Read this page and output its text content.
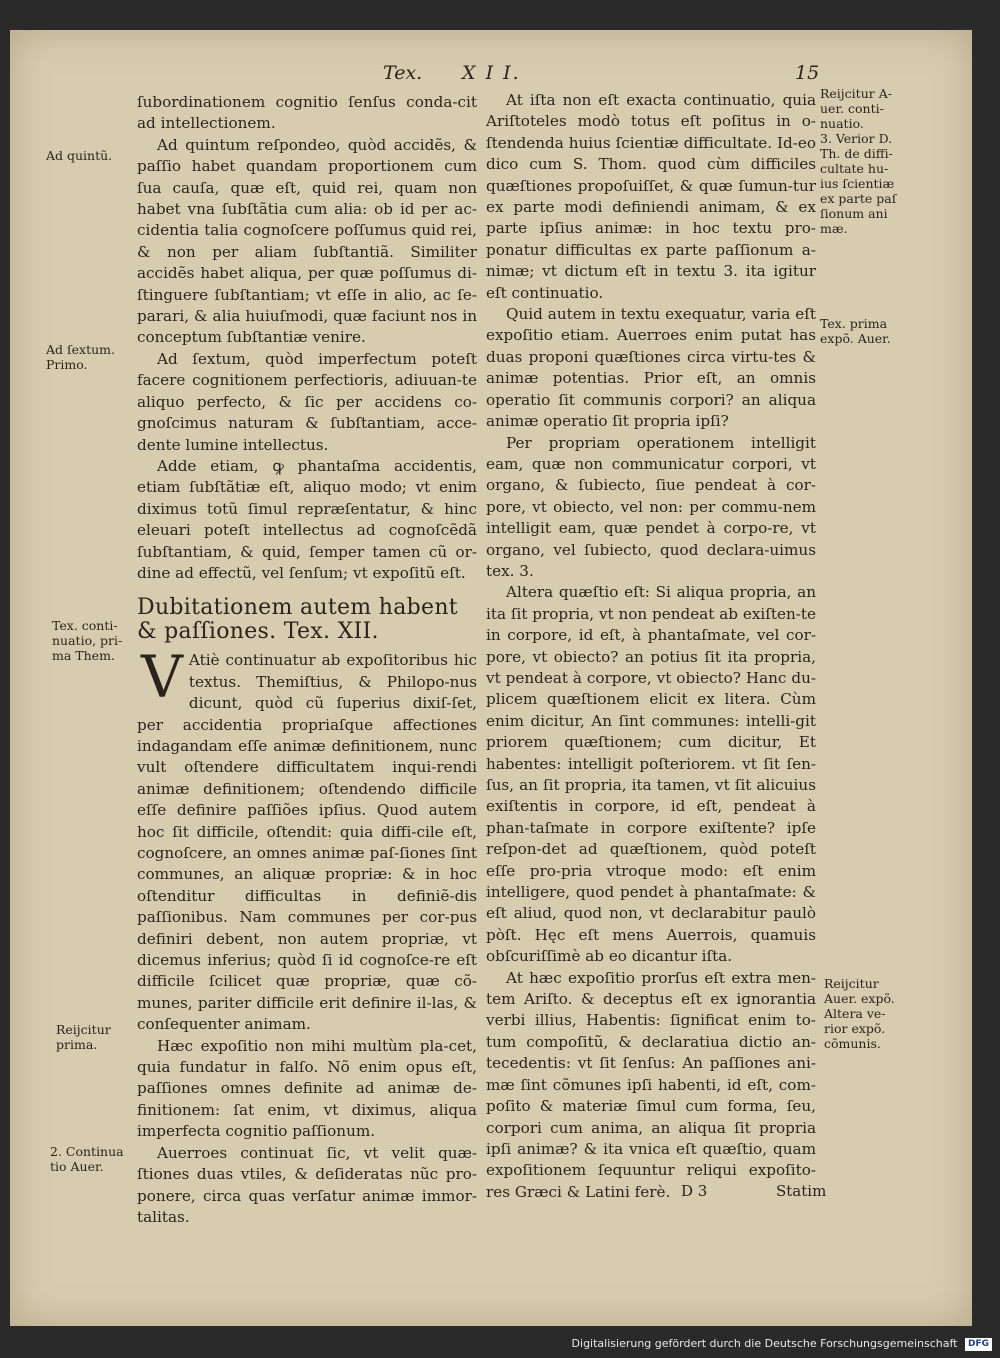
Tex. X I I.	15

ſubordinationem cognitio ſenſus conda-cit ad intellectionem.

Ad quintum reſpondeo, quòd accidẽs, & paſſio habet quandam proportionem cum ſua cauſa, quæ eſt, quid rei, quam non habet vna ſubſtãtia cum alia: ob id per ac-cidentia talia cognoſcere poſſumus quid rei, & non per aliam ſubſtantiã. Similiter accidẽs habet aliqua, per quæ poſſumus di-ſtinguere ſubſtantiam; vt eſſe in alio, ac ſe-parari, & alia huiuſmodi, quæ faciunt nos in conceptum ſubſtantiæ venire.

Ad ſextum, quòd imperfectum poteſt facere cognitionem perfectioris, adiuuan-te aliquo perfecto, & ſic per accidens co-gnoſcimus naturam & ſubſtantiam, acce-dente lumine intellectus.

Adde etiam, ꝙ phantaſma accidentis, etiam ſubſtãtiæ eſt, aliquo modo; vt enim diximus totũ ſimul repræſentatur, & hinc eleuari poteſt intellectus ad cognoſcẽdã ſubſtantiam, & quid, ſemper tamen cũ or-dine ad effectũ, vel ſenſum; vt expoſitũ eſt.

Dubitationem autem habent & paſſiones. Tex. XII.
V Atiè continuatur ab expoſitoribus hic textus. Themiſtius, & Philopo-nus dicunt, quòd cũ ſuperius dixiſ-ſet, per accidentia propriaſque affectiones indagandam eſſe animæ definitionem, nunc vult oſtendere difficultatem inqui-rendi animæ definitionem; oſtendendo difficile eſſe definire paſſiões ipſius. Quod autem hoc ſit difficile, oſtendit: quia diffi-cile eſt, cognoſcere, an omnes animæ paſ-ſiones ſint communes, an aliquæ propriæ: & in hoc oſtenditur difficultas in definiẽ-dis paſſionibus. Nam communes per cor-pus definiri debent, non autem propriæ, vt dicemus inferius; quòd ſi id cognoſce-re eſt difficile ſcilicet quæ propriæ, quæ cõ-munes, pariter difficile erit definire il-las, & conſequenter animam.

Hæc expoſitio non mihi multùm pla-cet, quia fundatur in falſo. Nõ enim opus eſt, paſſiones omnes definite ad animæ de-finitionem: ſat enim, vt diximus, aliqua imperfecta cognitio paſſionum.

Auerroes continuat ſic, vt velit quæ-ſtiones duas vtiles, & deſideratas nũc pro-ponere, circa quas verſatur animæ immor-talitas.

At iſta non eſt exacta continuatio, quia Ariſtoteles modò totus eſt poſitus in o-ſtendenda huius ſcientiæ difficultate. Id-eo dico cum S. Thom. quod cùm difficiles quæſtiones propoſuiſſet, & quæ ſumun-tur ex parte modi definiendi animam, & ex parte ipſius animæ: in hoc textu pro-ponatur difficultas ex parte paſſionum a-nimæ; vt dictum eſt in textu 3. ita igitur eſt continuatio.

Quid autem in textu exequatur, varia eſt expoſitio etiam. Auerroes enim putat has duas proponi quæſtiones circa virtu-tes & animæ potentias. Prior eſt, an omnis operatio ſit communis corpori? an aliqua animæ operatio ſit propria ipſi?

Per propriam operationem intelligit eam, quæ non communicatur corpori, vt organo, & ſubiecto, ſiue pendeat à cor-pore, vt obiecto, vel non: per commu-nem intelligit eam, quæ pendet à corpo-re, vt organo, vel ſubiecto, quod declara-uimus tex. 3.

Altera quæſtio eſt: Si aliqua propria, an ita ſit propria, vt non pendeat ab exiſten-te in corpore, id eſt, à phantaſmate, vel cor-pore, vt obiecto? an potius ſit ita propria, vt pendeat à corpore, vt obiecto? Hanc du-plicem quæſtionem elicit ex litera. Cùm enim dicitur, An ſint communes: intelli-git priorem quæſtionem; cum dicitur, Et habentes: intelligit poſteriorem. vt ſit ſen-ſus, an ſit propria, ita tamen, vt ſit alicuius exiſtentis in corpore, id eſt, pendeat à phan-taſmate in corpore exiſtente? ipſe reſpon-det ad quæſtionem, quòd poteſt eſſe pro-pria vtroque modo: eſt enim intelligere, quod pendet à phantaſmate: & eſt aliud, quod non, vt declarabitur paulò pòſt. Hęc eſt mens Auerrois, quamuis obſcuriſſimè ab eo dicantur iſta.

At hæc expoſitio prorſus eſt extra men-tem Ariſto. & deceptus eſt ex ignorantia verbi illius, Habentis: ſignificat enim to-tum compoſitũ, & declaratiua dictio an-tecedentis: vt ſit ſenſus: An paſſiones ani-mæ ſint cõmunes ipſi habenti, id eſt, com-poſito & materiæ ſimul cum forma, ſeu, corpori cum anima, an aliqua ſit propria ipſi animæ? & ita vnica eſt quæſtio, quam expoſitionem ſequuntur reliqui expoſito-res Græci & Latini ferè. D 3	Statim
Ad quintũ.
Ad ſextum.
Primo.
Tex. conti-
nuatio, pri-
ma Them.
Reijcitur
prima.
2. Continua
tio Auer.
Reijcitur A-
uer. conti-
nuatio.
3. Verior D.
Th. de diffi-
cultate hu-
ius ſcientiæ
ex parte paſ
ſionum ani
mæ.
Tex. prima
expõ. Auer.
Reijcitur
Auer. expõ.
Altera ve-
rior expõ.
cõmunis.
Digitalisierung gefördert durch die Deutsche Forschungsgemeinschaft DFG
